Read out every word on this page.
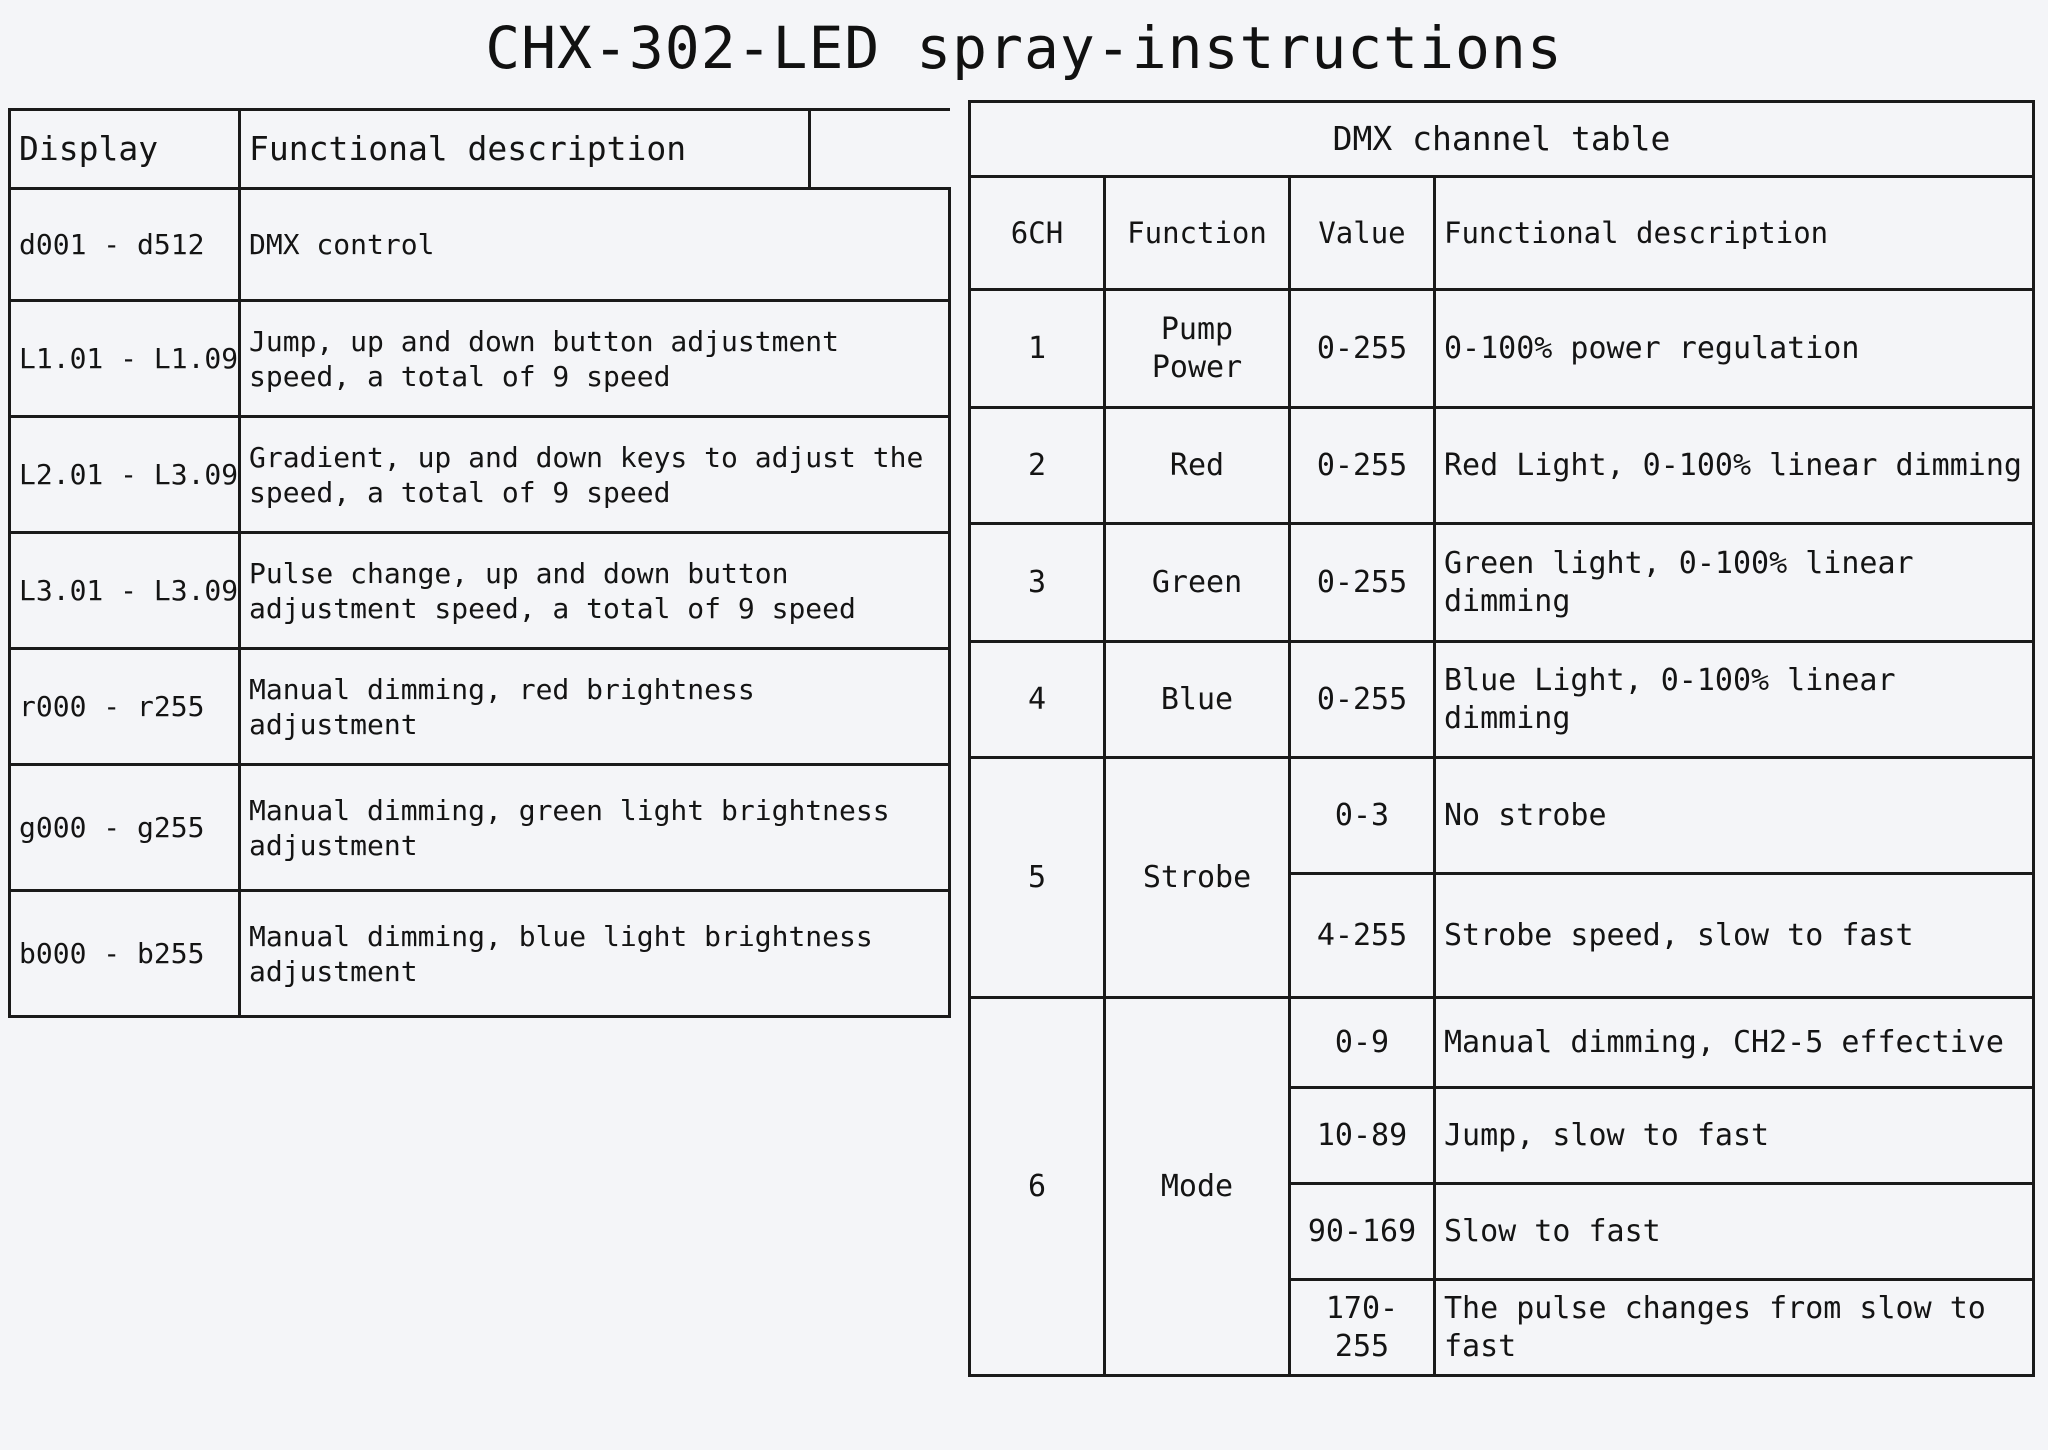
CHX-302-LED spray-instructions
Display	Functional description	
d001 - d512	DMX control	
L1.01 - L1.09	Jump, up and down button adjustment speed, a total of 9 speed	
L2.01 - L3.09	Gradient, up and down keys to adjust the speed, a total of 9 speed	
L3.01 - L3.09	Pulse change, up and down button adjustment speed, a total of 9 speed	
r000 - r255	Manual dimming, red brightness adjustment	
g000 - g255	Manual dimming, green light brightness adjustment	
b000 - b255	Manual dimming, blue light brightness adjustment	
DMX channel table			
6CH	Function	Value	Functional description
1	Pump Power	0-255	0-100% power regulation
2	Red	0-255	Red Light, 0-100% linear dimming
3	Green	0-255	Green light, 0-100% linear dimming
4	Blue	0-255	Blue Light, 0-100% linear dimming
5	Strobe	0-3	No strobe
		4-255	Strobe speed, slow to fast
6	Mode	0-9	Manual dimming, CH2-5 effective
		10-89	Jump, slow to fast
		90-169	Slow to fast
		170-255	The pulse changes from slow to fast
